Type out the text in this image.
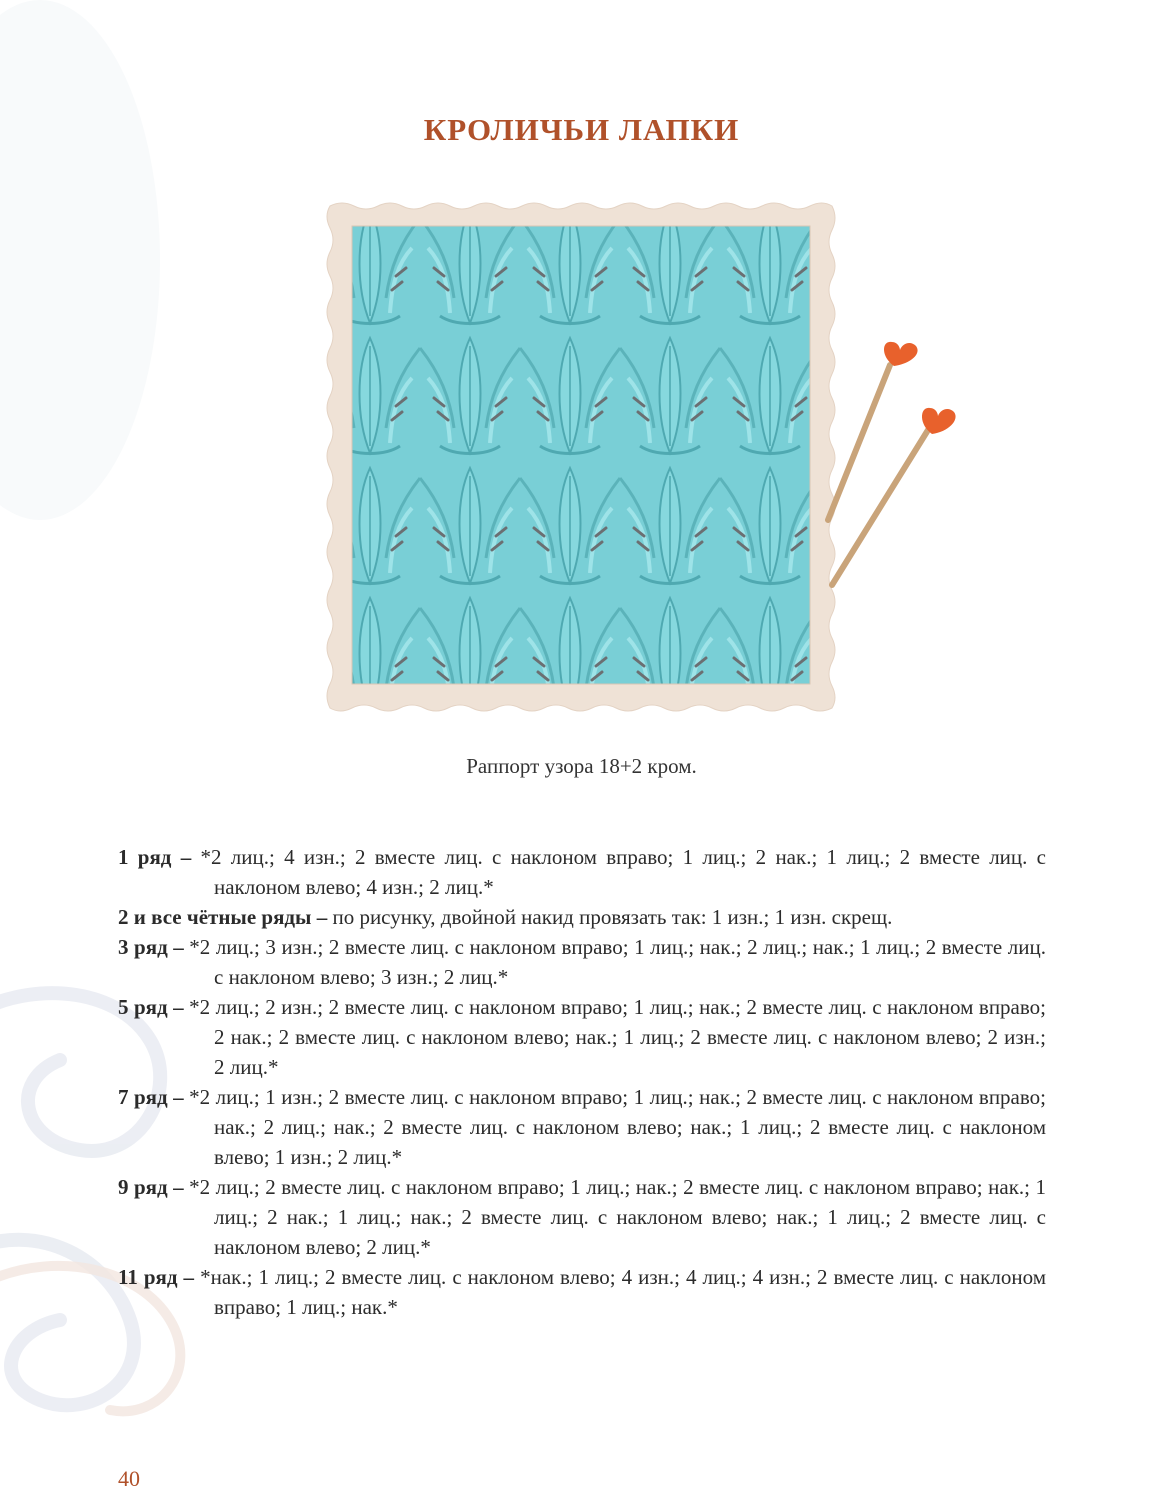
КРОЛИЧЬИ ЛАПКИ
Раппорт узора 18+2 кром.
1 ряд – *2 лиц.; 4 изн.; 2 вместе лиц. с наклоном вправо; 1 лиц.; 2 нак.; 1 лиц.; 2 вместе лиц. с наклоном влево; 4 изн.; 2 лиц.*
2 и все чётные ряды – по рисунку, двойной накид провязать так: 1 изн.; 1 изн. скрещ.
3 ряд – *2 лиц.; 3 изн.; 2 вместе лиц. с наклоном вправо; 1 лиц.; нак.; 2 лиц.; нак.; 1 лиц.; 2 вместе лиц. с наклоном влево; 3 изн.; 2 лиц.*
5 ряд – *2 лиц.; 2 изн.; 2 вместе лиц. с наклоном вправо; 1 лиц.; нак.; 2 вместе лиц. с наклоном вправо; 2 нак.; 2 вместе лиц. с наклоном влево; нак.; 1 лиц.; 2 вместе лиц. с наклоном влево; 2 изн.; 2 лиц.*
7 ряд – *2 лиц.; 1 изн.; 2 вместе лиц. с наклоном вправо; 1 лиц.; нак.; 2 вместе лиц. с наклоном вправо; нак.; 2 лиц.; нак.; 2 вместе лиц. с наклоном влево; нак.; 1 лиц.; 2 вместе лиц. с наклоном влево; 1 изн.; 2 лиц.*
9 ряд – *2 лиц.; 2 вместе лиц. с наклоном вправо; 1 лиц.; нак.; 2 вместе лиц. с наклоном вправо; нак.; 1 лиц.; 2 нак.; 1 лиц.; нак.; 2 вместе лиц. с наклоном влево; нак.; 1 лиц.; 2 вместе лиц. с наклоном влево; 2 лиц.*
11 ряд – *нак.; 1 лиц.; 2 вместе лиц. с наклоном влево; 4 изн.; 4 лиц.; 4 изн.; 2 вместе лиц. с наклоном вправо; 1 лиц.; нак.*
40
